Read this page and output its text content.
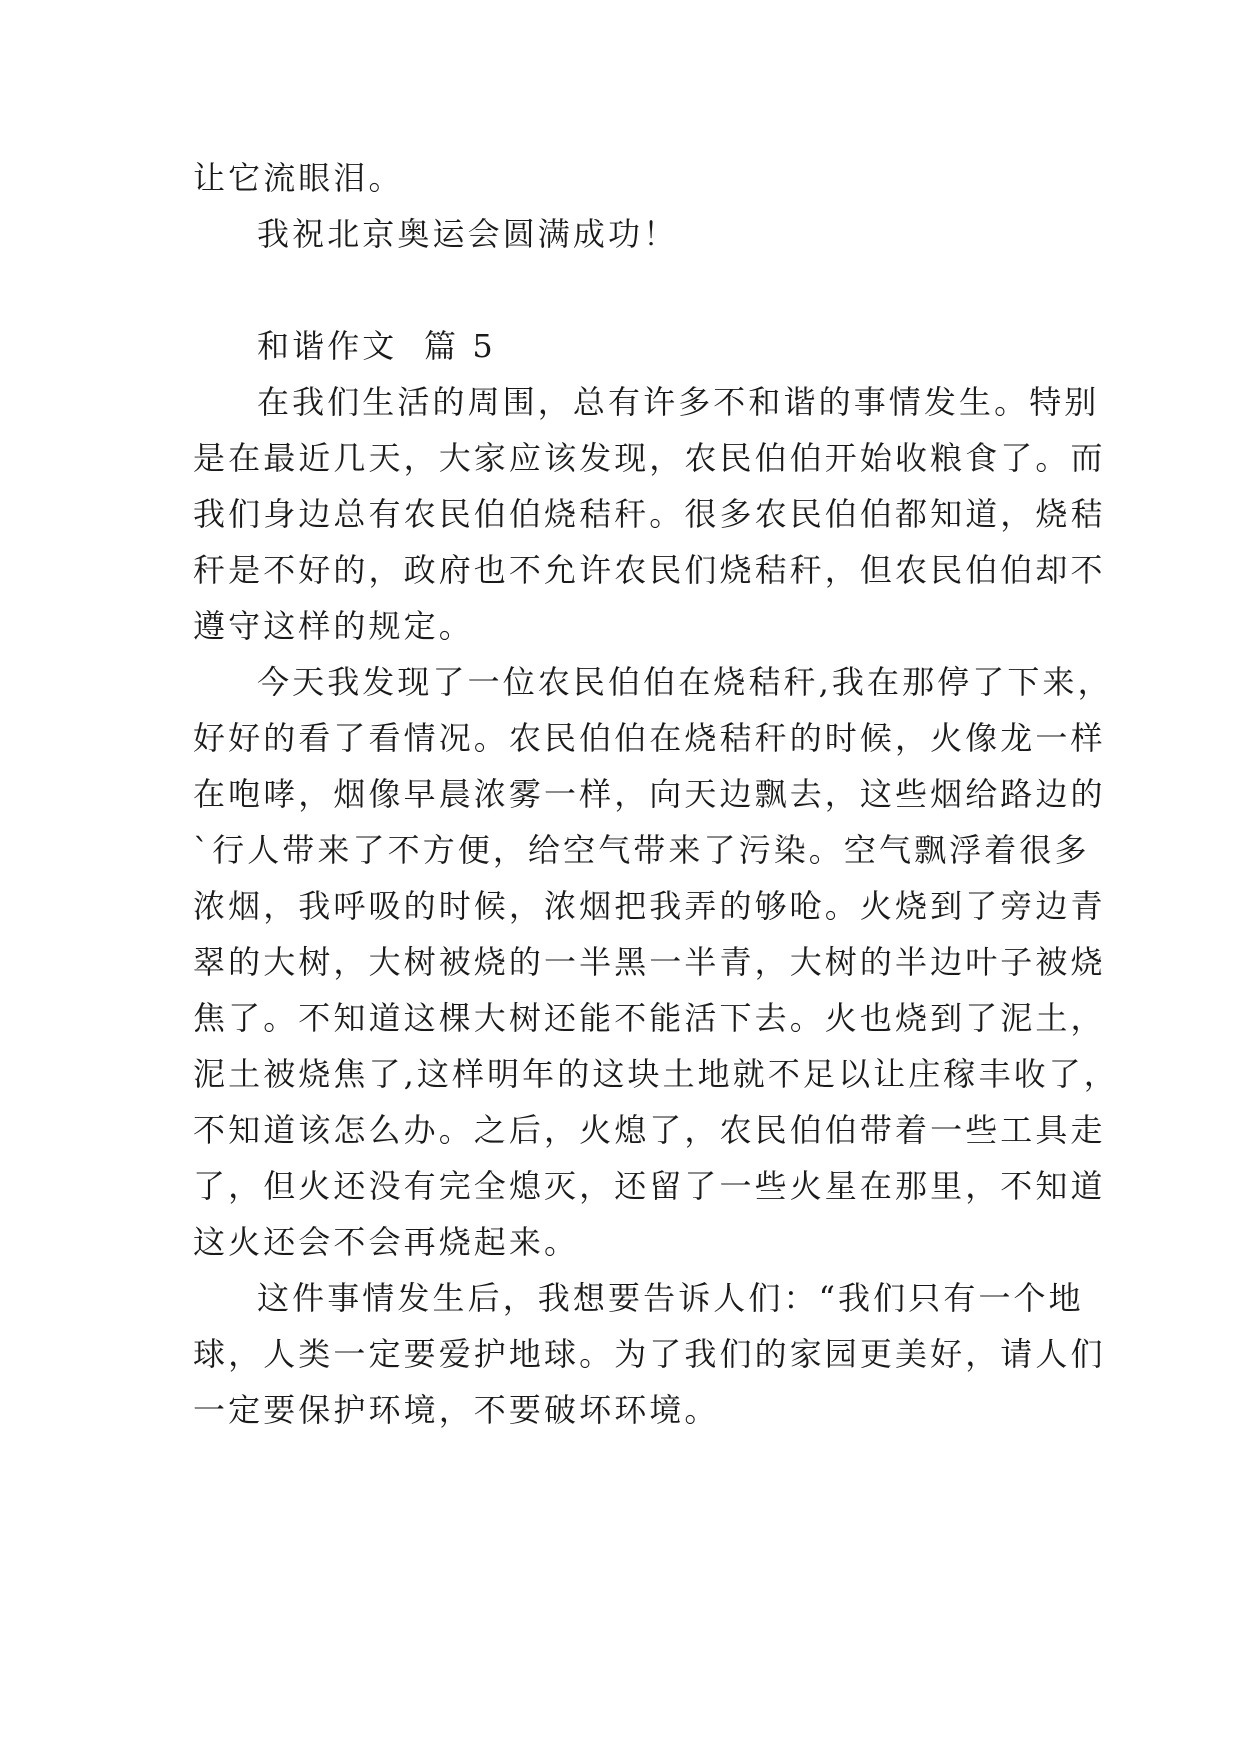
让它流眼泪。
我祝北京奥运会圆满成功！
和谐作文  篇 5
在我们生活的周围，总有许多不和谐的事情发生。特别
是在最近几天，大家应该发现，农民伯伯开始收粮食了。而
我们身边总有农民伯伯烧秸秆。很多农民伯伯都知道，烧秸
秆是不好的，政府也不允许农民们烧秸秆，但农民伯伯却不
遵守这样的规定。
今天我发现了一位农民伯伯在烧秸秆,我在那停了下来，
好好的看了看情况。农民伯伯在烧秸秆的时候，火像龙一样
在咆哮，烟像早晨浓雾一样，向天边飘去，这些烟给路边的
`行人带来了不方便，给空气带来了污染。空气飘浮着很多
浓烟，我呼吸的时候，浓烟把我弄的够呛。火烧到了旁边青
翠的大树，大树被烧的一半黑一半青，大树的半边叶子被烧
焦了。不知道这棵大树还能不能活下去。火也烧到了泥土，
泥土被烧焦了,这样明年的这块土地就不足以让庄稼丰收了，
不知道该怎么办。之后，火熄了，农民伯伯带着一些工具走
了，但火还没有完全熄灭，还留了一些火星在那里，不知道
这火还会不会再烧起来。
这件事情发生后，我想要告诉人们：“我们只有一个地
球，人类一定要爱护地球。为了我们的家园更美好，请人们
一定要保护环境，不要破坏环境。
